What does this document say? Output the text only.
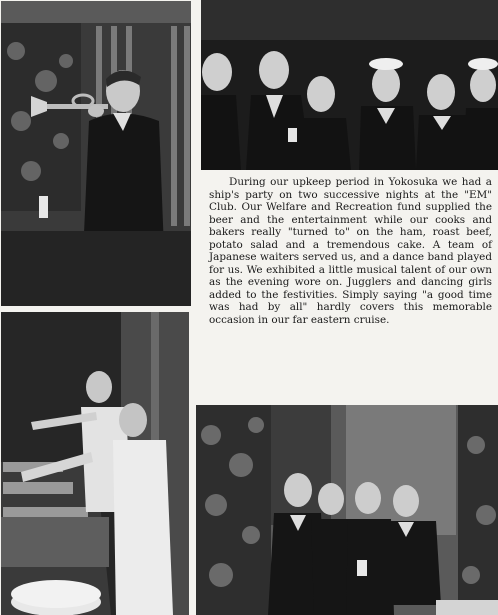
During our upkeep period in Yokosuka we had a ship's party on two successive nights at the "EM" Club. Our Welfare and Recreation fund supplied the beer and the entertainment while our cooks and bakers really "turned to" on the ham, roast beef, potato salad and a tremendous cake. A team of Japanese waiters served us, and a dance band played for us. We exhibited a little musical talent of our own as the evening wore on. Jugglers and dancing girls added to the festivities. Simply saying "a good time was had by all" hardly covers this memorable occasion in our far eastern cruise.
